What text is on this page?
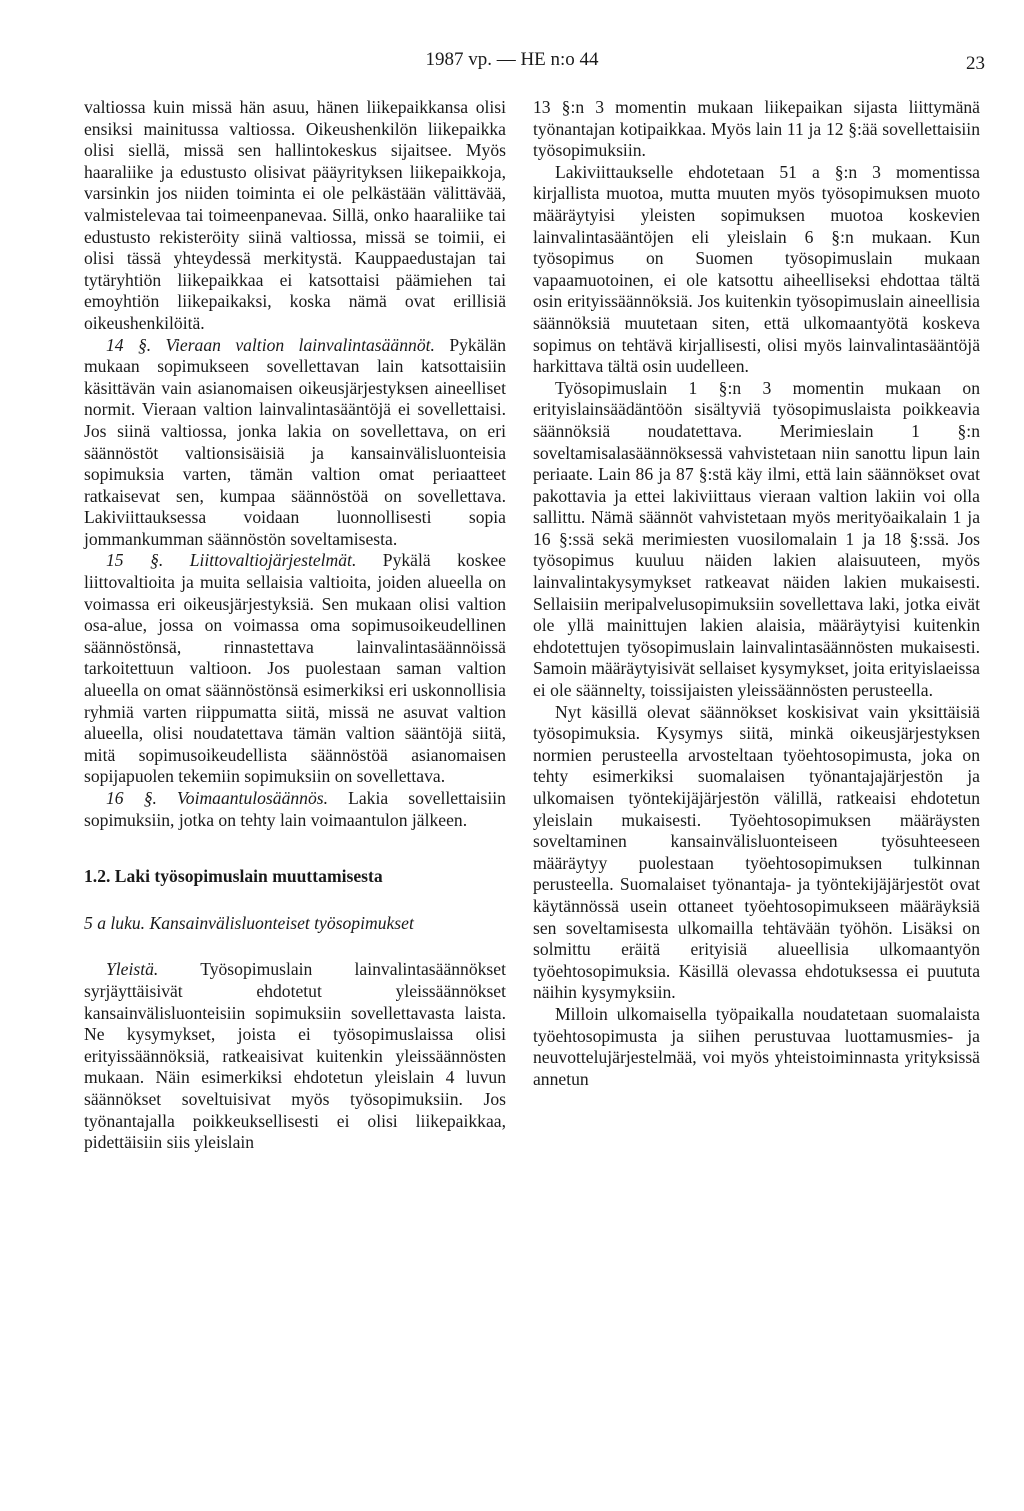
1987 vp. — HE n:o 44	23

valtiossa kuin missä hän asuu, hänen liikepaikkansa olisi ensiksi mainitussa valtiossa. Oikeushenkilön liikepaikka olisi siellä, missä sen hallintokeskus sijaitsee. Myös haaraliike ja edustusto olisivat pääyrityksen liikepaikkoja, varsinkin jos niiden toiminta ei ole pelkästään välittävää, valmistelevaa tai toimeenpanevaa. Sillä, onko haaraliike tai edustusto rekisteröity siinä valtiossa, missä se toimii, ei olisi tässä yhteydessä merkitystä. Kauppaedustajan tai tytäryhtiön liikepaikkaa ei katsottaisi päämiehen tai emoyhtiön liikepaikaksi, koska nämä ovat erillisiä oikeushenkilöitä.

14 §. Vieraan valtion lainvalintasäännöt. Pykälän mukaan sopimukseen sovellettavan lain katsottaisiin käsittävän vain asianomaisen oikeusjärjestyksen aineelliset normit. Vieraan valtion lainvalintasääntöjä ei sovellettaisi. Jos siinä valtiossa, jonka lakia on sovellettava, on eri säännöstöt valtionsisäisiä ja kansainvälisluonteisia sopimuksia varten, tämän valtion omat periaatteet ratkaisevat sen, kumpaa säännöstöä on sovellettava. Lakiviittauksessa voidaan luonnollisesti sopia jommankumman säännöstön soveltamisesta.

15 §. Liittovaltiojärjestelmät. Pykälä koskee liittovaltioita ja muita sellaisia valtioita, joiden alueella on voimassa eri oikeusjärjestyksiä. Sen mukaan olisi valtion osa-alue, jossa on voimassa oma sopimusoikeudellinen säännöstönsä, rinnastettava lainvalintasäännöissä tarkoitettuun valtioon. Jos puolestaan saman valtion alueella on omat säännöstönsä esimerkiksi eri uskonnollisia ryhmiä varten riippumatta siitä, missä ne asuvat valtion alueella, olisi noudatettava tämän valtion sääntöjä siitä, mitä sopimusoikeudellista säännöstöä asianomaisen sopijapuolen tekemiin sopimuksiin on sovellettava.

16 §. Voimaantulosäännös. Lakia sovellettaisiin sopimuksiin, jotka on tehty lain voimaantulon jälkeen.

1.2. Laki työsopimuslain muuttamisesta

5 a luku. Kansainvälisluonteiset työsopimukset

Yleistä. Työsopimuslain lainvalintasäännökset syrjäyttäisivät ehdotetut yleissäännökset kansainvälisluonteisiin sopimuksiin sovellettavasta laista. Ne kysymykset, joista ei työsopimuslaissa olisi erityissäännöksiä, ratkeaisivat kuitenkin yleissäännösten mukaan. Näin esimerkiksi ehdotetun yleislain 4 luvun säännökset soveltuisivat myös työsopimuksiin. Jos työnantajalla poikkeuksellisesti ei olisi liikepaikkaa, pidettäisiin siis yleislain

13 §:n 3 momentin mukaan liikepaikan sijasta liittymänä työnantajan kotipaikkaa. Myös lain 11 ja 12 §:ää sovellettaisiin työsopimuksiin.

Lakiviittaukselle ehdotetaan 51 a §:n 3 momentissa kirjallista muotoa, mutta muuten myös työsopimuksen muoto määräytyisi yleisten sopimuksen muotoa koskevien lainvalintasääntöjen eli yleislain 6 §:n mukaan. Kun työsopimus on Suomen työsopimuslain mukaan vapaamuotoinen, ei ole katsottu aiheelliseksi ehdottaa tältä osin erityissäännöksiä. Jos kuitenkin työsopimuslain aineellisia säännöksiä muutetaan siten, että ulkomaantyötä koskeva sopimus on tehtävä kirjallisesti, olisi myös lainvalintasääntöjä harkittava tältä osin uudelleen.

Työsopimuslain 1 §:n 3 momentin mukaan on erityislainsäädäntöön sisältyviä työsopimuslaista poikkeavia säännöksiä noudatettava. Merimieslain 1 §:n soveltamisalasäännöksessä vahvistetaan niin sanottu lipun lain periaate. Lain 86 ja 87 §:stä käy ilmi, että lain säännökset ovat pakottavia ja ettei lakiviittaus vieraan valtion lakiin voi olla sallittu. Nämä säännöt vahvistetaan myös merityöaikalain 1 ja 16 §:ssä sekä merimiesten vuosilomalain 1 ja 18 §:ssä. Jos työsopimus kuuluu näiden lakien alaisuuteen, myös lainvalintakysymykset ratkeavat näiden lakien mukaisesti. Sellaisiin meripalvelusopimuksiin sovellettava laki, jotka eivät ole yllä mainittujen lakien alaisia, määräytyisi kuitenkin ehdotettujen työsopimuslain lainvalintasäännösten mukaisesti. Samoin määräytyisivät sellaiset kysymykset, joita erityislaeissa ei ole säännelty, toissijaisten yleissäännösten perusteella.

Nyt käsillä olevat säännökset koskisivat vain yksittäisiä työsopimuksia. Kysymys siitä, minkä oikeusjärjestyksen normien perusteella arvosteltaan työehtosopimusta, joka on tehty esimerkiksi suomalaisen työnantajajärjestön ja ulkomaisen työntekijäjärjestön välillä, ratkeaisi ehdotetun yleislain mukaisesti. Työehtosopimuksen määräysten soveltaminen kansainvälisluonteiseen työsuhteeseen määräytyy puolestaan työehtosopimuksen tulkinnan perusteella. Suomalaiset työnantaja- ja työntekijäjärjestöt ovat käytännössä usein ottaneet työehtosopimukseen määräyksiä sen soveltamisesta ulkomailla tehtävään työhön. Lisäksi on solmittu eräitä erityisiä alueellisia ulkomaantyön työehtosopimuksia. Käsillä olevassa ehdotuksessa ei puututa näihin kysymyksiin.

Milloin ulkomaisella työpaikalla noudatetaan suomalaista työehtosopimusta ja siihen perustuvaa luottamusmies- ja neuvottelujärjestelmää, voi myös yhteistoiminnasta yrityksissä annetun
